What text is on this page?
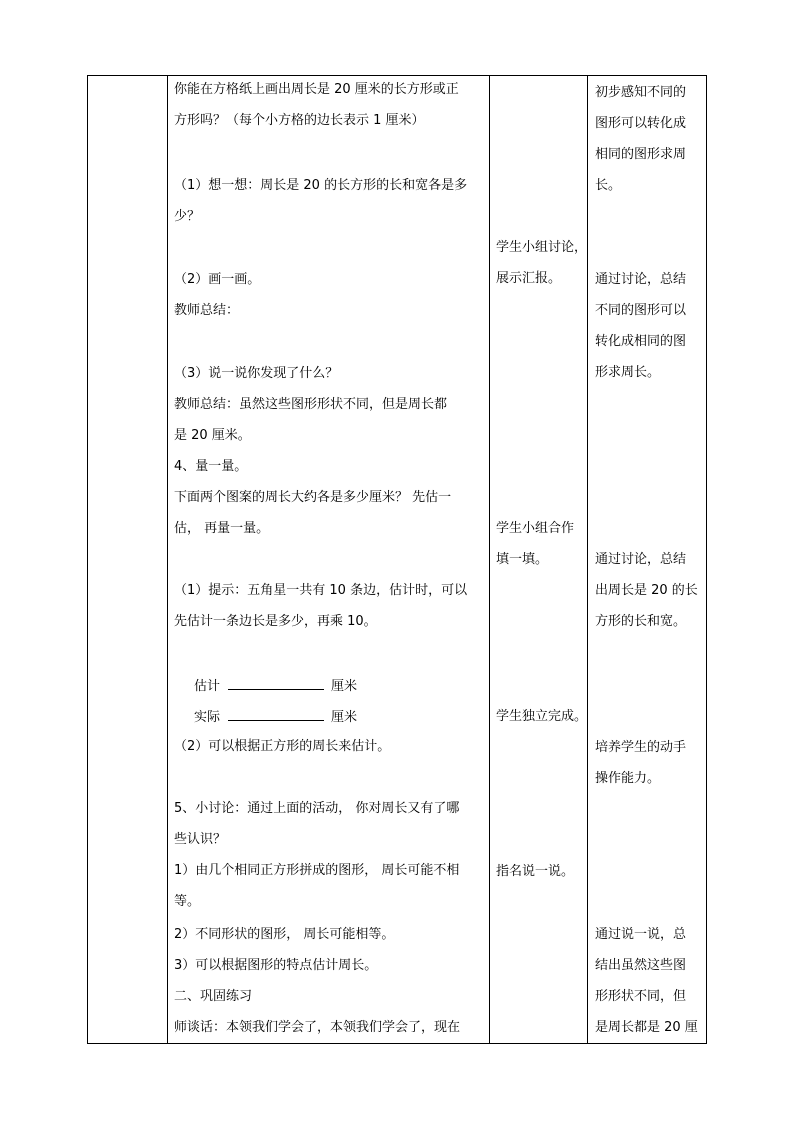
你能在方格纸上画出周长是 20 厘米的长方形或正
方形吗？（每个小方格的边长表示 1 厘米）
（1）想一想：周长是 20 的长方形的长和宽各是多
少？
（2）画一画。
教师总结：
（3）说一说你发现了什么？
教师总结：虽然这些图形形状不同，但是周长都
是 20 厘米。
4、量一量。
下面两个图案的周长大约各是多少厘米？ 先估一
估， 再量一量。
（1）提示：五角星一共有 10 条边，估计时，可以
先估计一条边长是多少，再乘 10。
估计	厘米
实际	厘米
（2）可以根据正方形的周长来估计。
5、小讨论：通过上面的活动， 你对周长又有了哪
些认识？
1）由几个相同正方形拼成的图形， 周长可能不相
等。
2）不同形状的图形， 周长可能相等。
3）可以根据图形的特点估计周长。
二、巩固练习
师谈话：本领我们学会了，本领我们学会了，现在
学生小组讨论，
展示汇报。
学生小组合作
填一填。
学生独立完成。
指名说一说。
初步感知不同的
图形可以转化成
相同的图形求周
长。
通过讨论，总结
不同的图形可以
转化成相同的图
形求周长。
通过讨论，总结
出周长是 20 的长
方形的长和宽。
培养学生的动手
操作能力。
通过说一说，总
结出虽然这些图
形形状不同，但
是周长都是 20 厘
